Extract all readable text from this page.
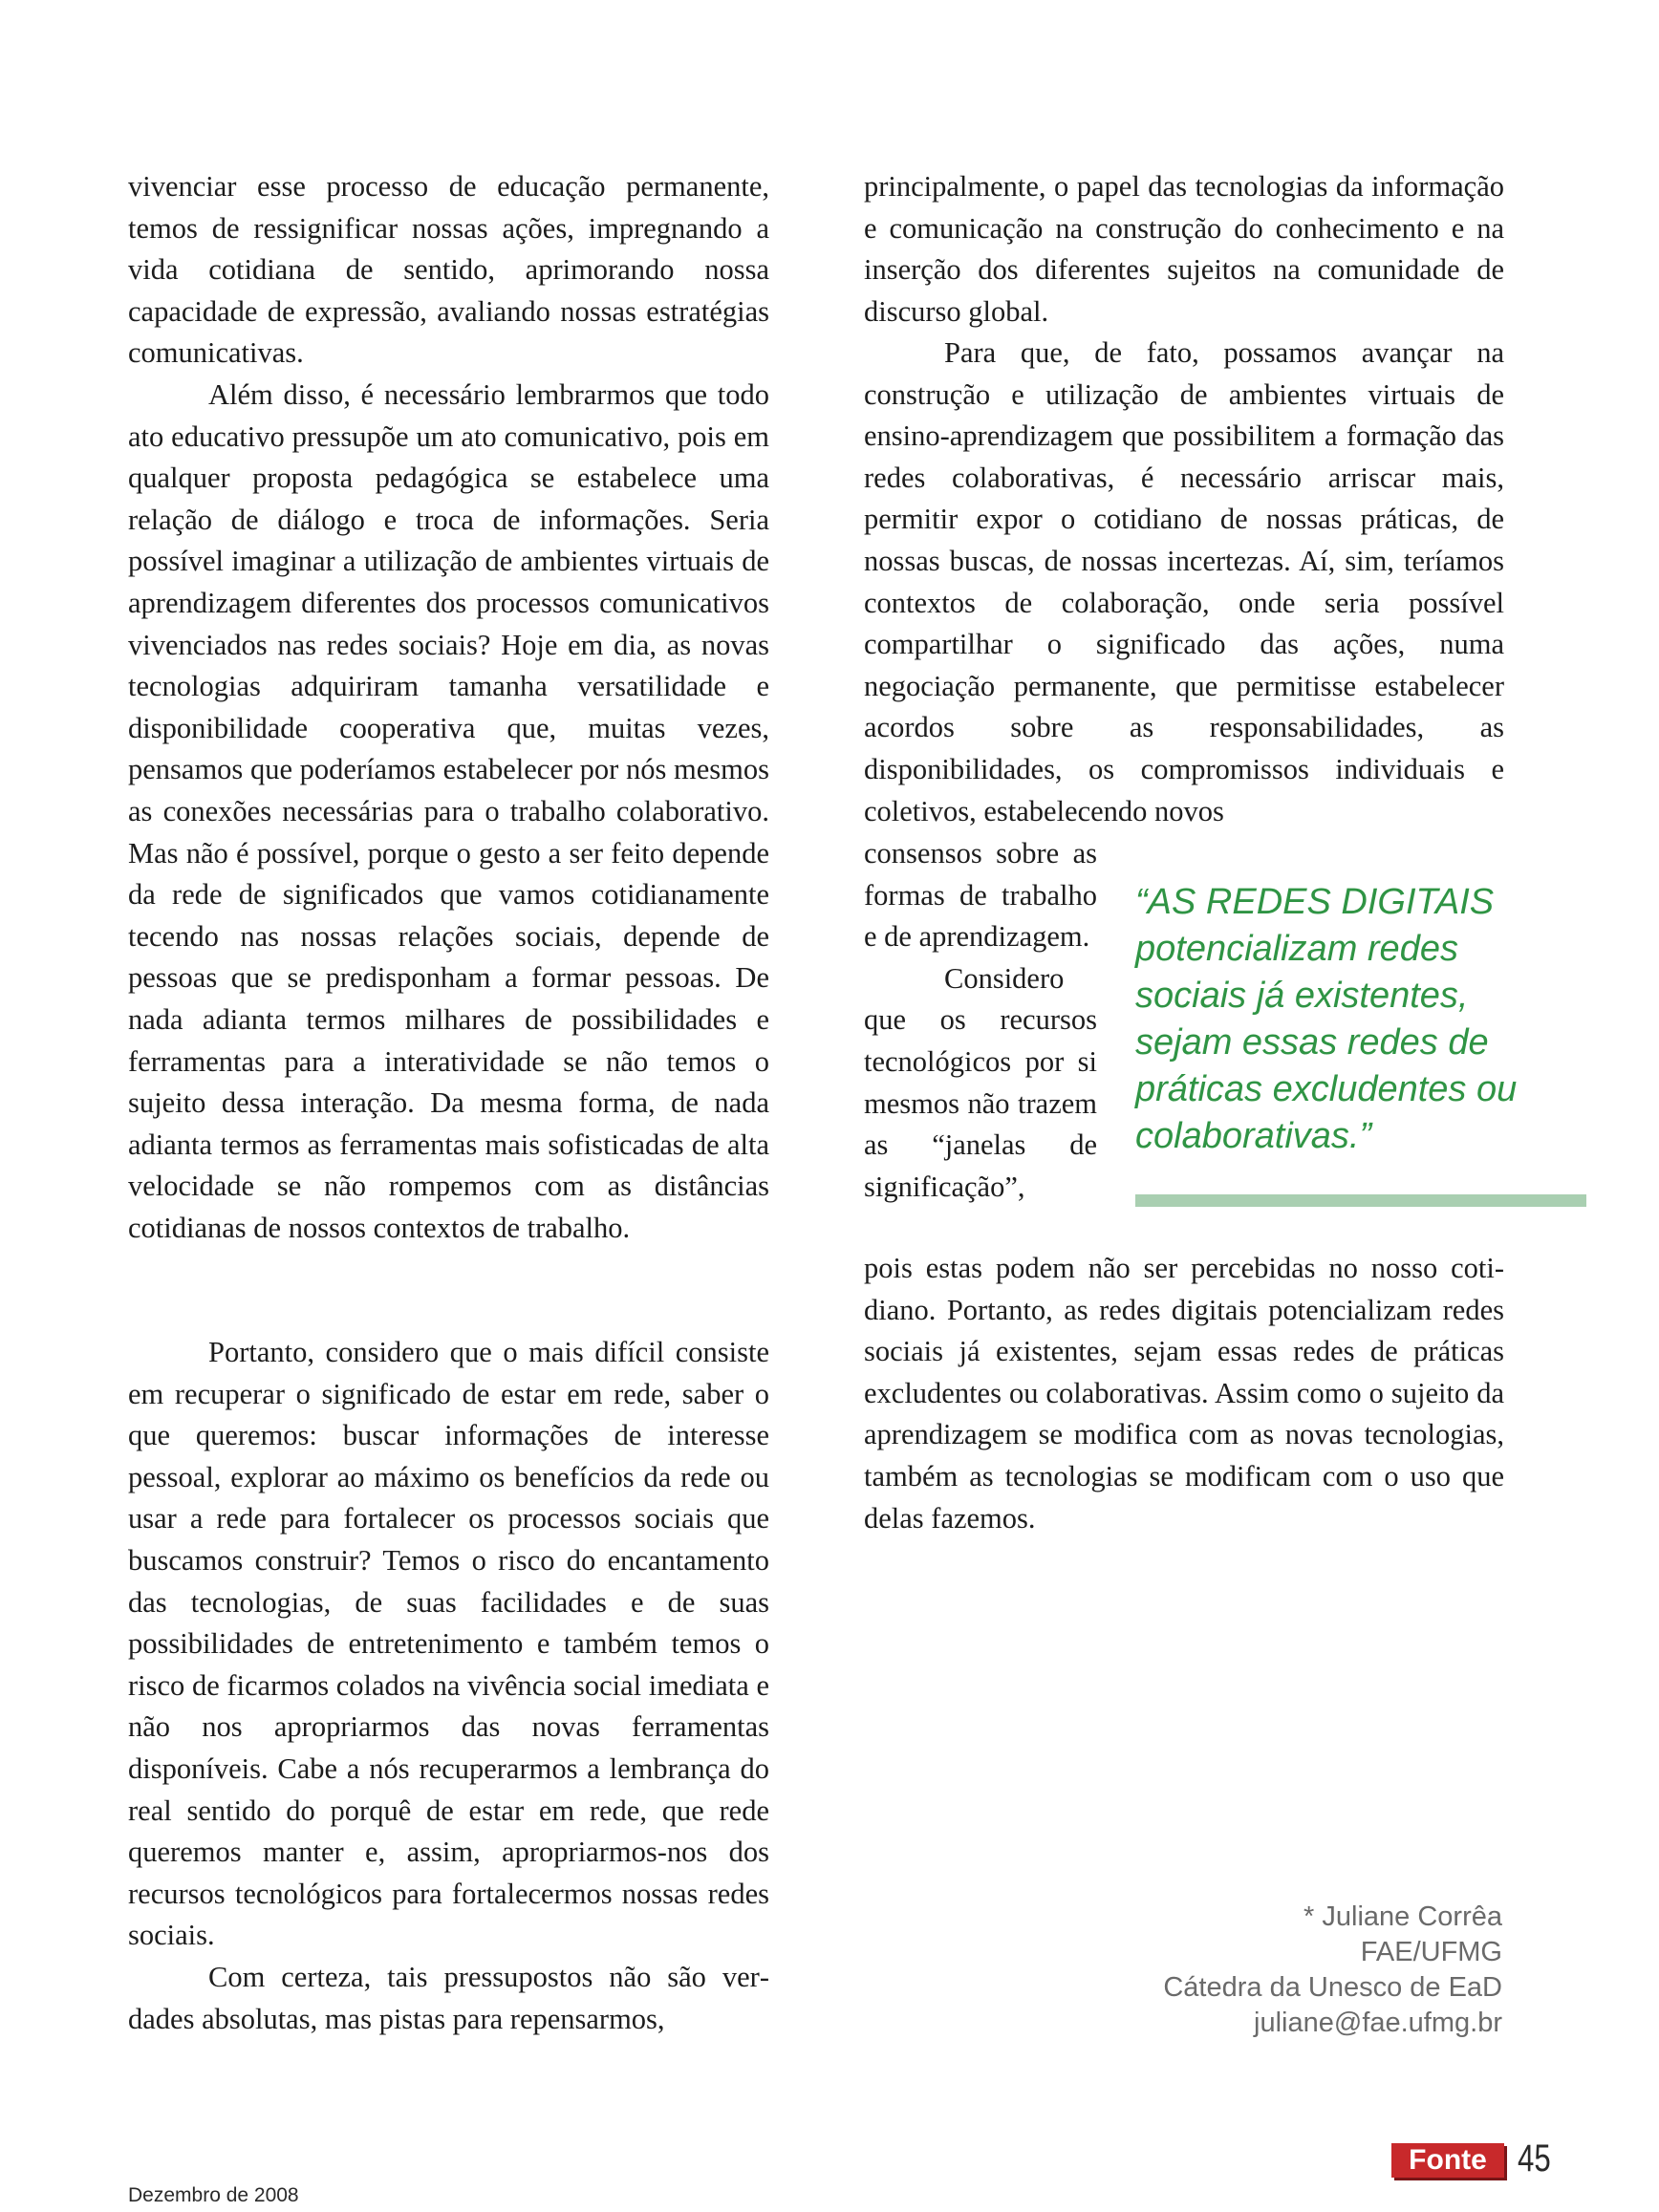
vivenciar esse processo de educação permanente, temos de ressignificar nossas ações, impregnando a vida cotidiana de sentido, aprimorando nossa capacidade de expressão, avaliando nossas estratégias comunicativas.

Além disso, é necessário lembrarmos que todo ato educativo pressupõe um ato comunicativo, pois em qualquer proposta pedagógica se estabelece uma relação de diálogo e troca de informações. Seria possível imaginar a utilização de ambientes virtuais de aprendizagem diferentes dos processos comunicativos vivenciados nas redes sociais? Hoje em dia, as novas tecnologias adquiriram tamanha versatilidade e disponibilidade cooperativa que, muitas vezes, pensamos que poderíamos estabelecer por nós mesmos as conexões necessárias para o trabalho colaborativo. Mas não é possível, porque o gesto a ser feito depende da rede de significados que vamos cotidianamente tecendo nas nossas relações sociais, depende de pessoas que se predisponham a formar pessoas. De nada adianta termos milhares de possibilidades e ferramentas para a interatividade se não temos o sujeito dessa interação. Da mesma forma, de nada adianta termos as ferramentas mais sofisticadas de alta velocidade se não rompemos com as distâncias cotidianas de nossos contextos de trabalho.

Portanto, considero que o mais difícil consiste em recuperar o significado de estar em rede, saber o que queremos: buscar informações de interesse pessoal, explorar ao máximo os benefícios da rede ou usar a rede para fortalecer os processos sociais que buscamos construir? Temos o risco do encantamento das tecnologias, de suas facilidades e de suas possibilidades de entretenimento e também temos o risco de ficarmos colados na vivência social imediata e não nos apropriarmos das novas ferramentas disponíveis. Cabe a nós recuperarmos a lembrança do real sentido do porquê de estar em rede, que rede queremos manter e, assim, apropriarmos-nos dos recursos tecnológicos para fortalecermos nossas redes sociais.

Com certeza, tais pressupostos não são verdades absolutas, mas pistas para repensarmos,

principalmente, o papel das tecnologias da informação e comunicação na construção do conhecimento e na inserção dos diferentes sujeitos na comunidade de discurso global.

Para que, de fato, possamos avançar na construção e utilização de ambientes virtuais de ensino-aprendizagem que possibilitem a formação das redes colaborativas, é necessário arriscar mais, permitir expor o cotidiano de nossas práticas, de nossas buscas, de nossas incertezas. Aí, sim, teríamos contextos de colaboração, onde seria possível compartilhar o significado das ações, numa negociação permanente, que permitisse estabelecer acordos sobre as responsabilidades, as disponibilidades, os compromissos individuais e coletivos, estabelecendo novos

consensos sobre as formas de trabalho e de aprendizagem.

Considero que os recursos tecnológicos por si mesmos não trazem as “janelas de significação”,

pois estas podem não ser percebidas no nosso cotidiano. Portanto, as redes digitais potencializam redes sociais já existentes, sejam essas redes de práticas excludentes ou colaborativas. Assim como o sujeito da aprendizagem se modifica com as novas tecnologias, também as tecnologias se modificam com o uso que delas fazemos.

“AS REDES DIGITAIS potencializam redes sociais já existentes, sejam essas redes de práticas excludentes ou colaborativas.”

* Juliane Corrêa
FAE/UFMG
Cátedra da Unesco de EaD
juliane@fae.ufmg.br
Dezembro de 2008
Fonte 45
